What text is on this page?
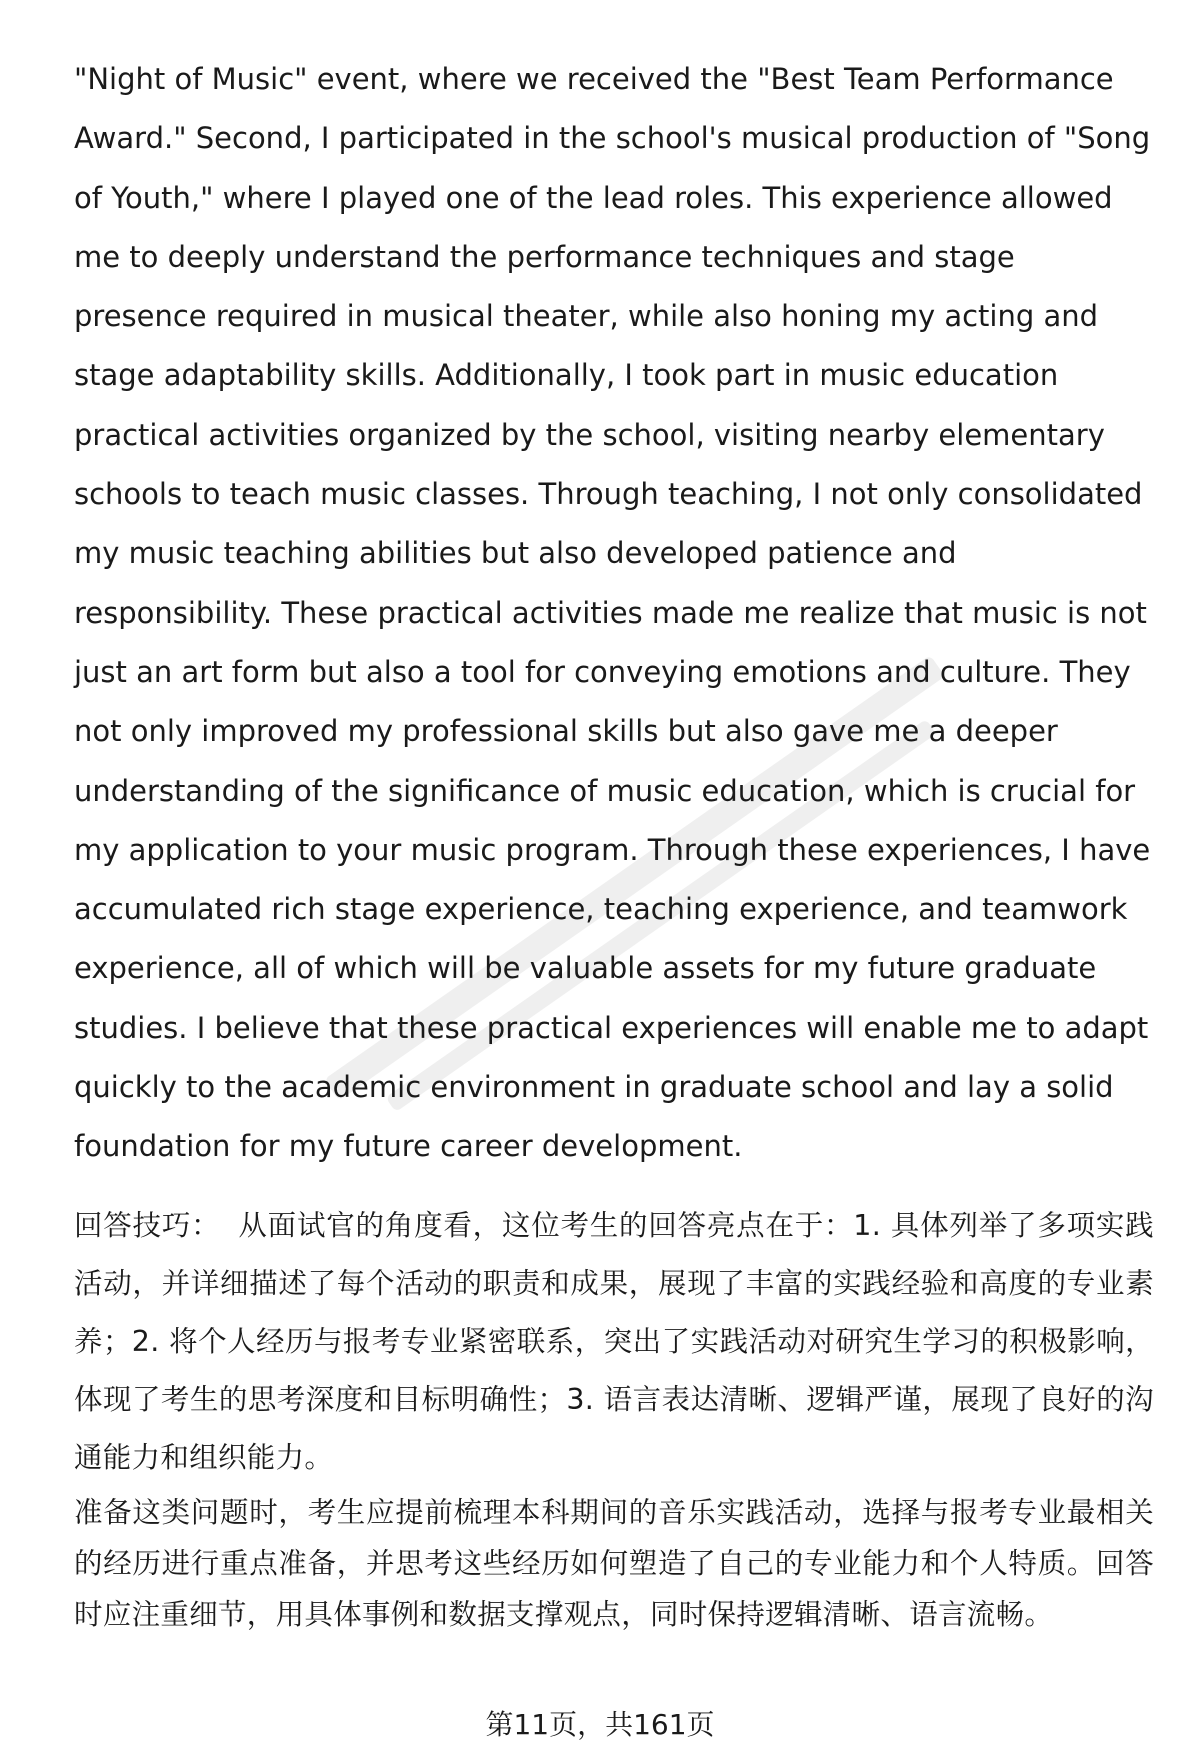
"Night of Music" event, where we received the "Best Team Performance Award." Second, I participated in the school's musical production of "Song of Youth," where I played one of the lead roles. This experience allowed me to deeply understand the performance techniques and stage presence required in musical theater, while also honing my acting and stage adaptability skills. Additionally, I took part in music education practical activities organized by the school, visiting nearby elementary schools to teach music classes. Through teaching, I not only consolidated my music teaching abilities but also developed patience and responsibility. These practical activities made me realize that music is not just an art form but also a tool for conveying emotions and culture. They not only improved my professional skills but also gave me a deeper understanding of the significance of music education, which is crucial for my application to your music program. Through these experiences, I have accumulated rich stage experience, teaching experience, and teamwork experience, all of which will be valuable assets for my future graduate studies. I believe that these practical experiences will enable me to adapt quickly to the academic environment in graduate school and lay a solid foundation for my future career development.

回答技巧： 从面试官的角度看，这位考生的回答亮点在于：1. 具体列举了多项实践活动，并详细描述了每个活动的职责和成果，展现了丰富的实践经验和高度的专业素养；2. 将个人经历与报考专业紧密联系，突出了实践活动对研究生学习的积极影响，体现了考生的思考深度和目标明确性；3. 语言表达清晰、逻辑严谨，展现了良好的沟通能力和组织能力。

准备这类问题时，考生应提前梳理本科期间的音乐实践活动，选择与报考专业最相关的经历进行重点准备，并思考这些经历如何塑造了自己的专业能力和个人特质。回答时应注重细节，用具体事例和数据支撑观点，同时保持逻辑清晰、语言流畅。

第11页，共161页
